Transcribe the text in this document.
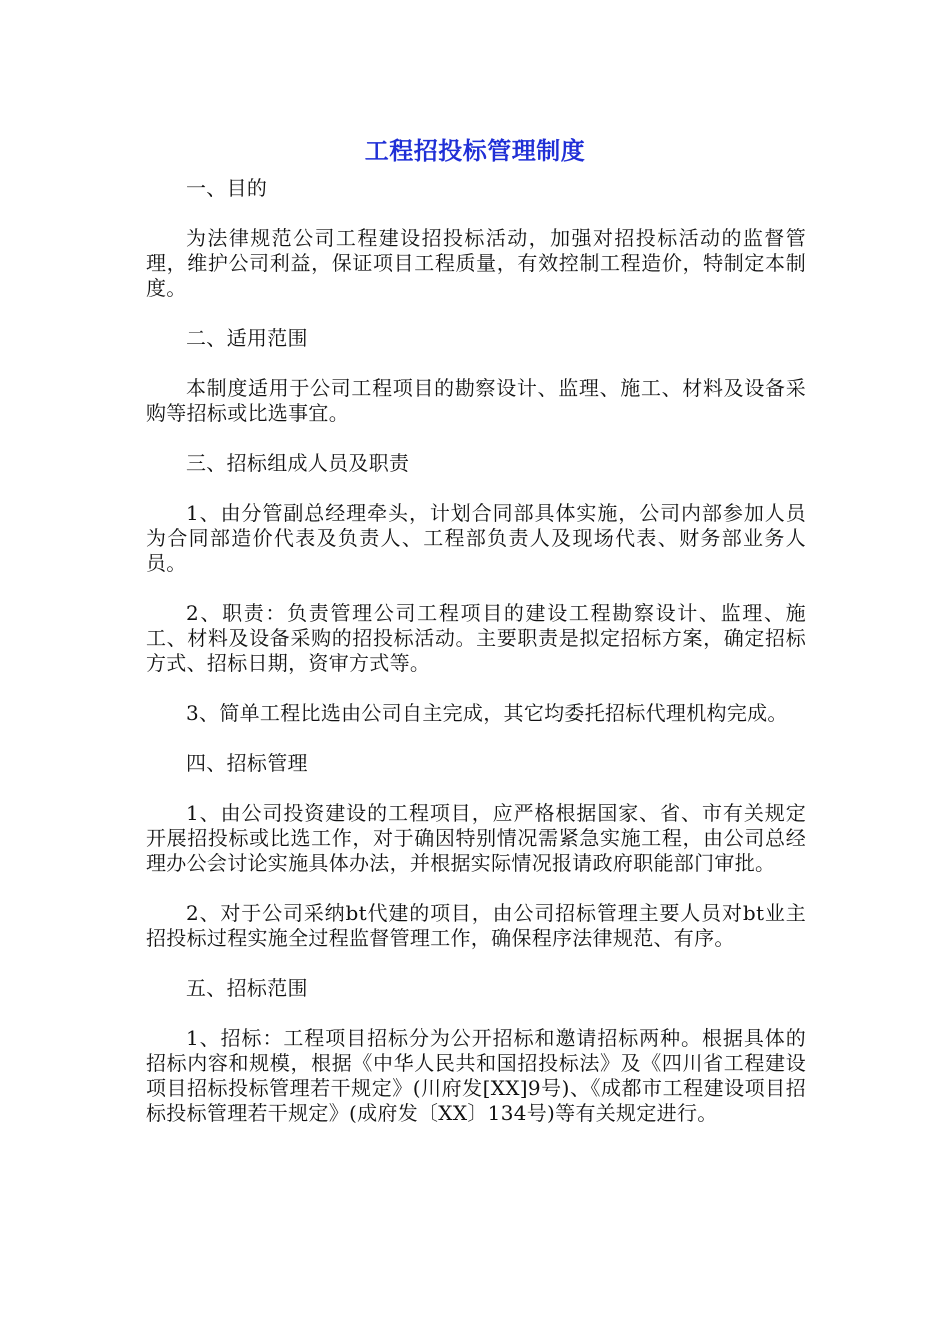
工程招投标管理制度

一、目的

为法律规范公司工程建设招投标活动，加强对招投标活动的监督管理，维护公司利益，保证项目工程质量，有效控制工程造价，特制定本制度。

二、适用范围

本制度适用于公司工程项目的勘察设计、监理、施工、材料及设备采购等招标或比选事宜。

三、招标组成人员及职责

1、由分管副总经理牵头，计划合同部具体实施，公司内部参加人员为合同部造价代表及负责人、工程部负责人及现场代表、财务部业务人员。

2、职责：负责管理公司工程项目的建设工程勘察设计、监理、施工、材料及设备采购的招投标活动。主要职责是拟定招标方案，确定招标方式、招标日期，资审方式等。

3、简单工程比选由公司自主完成，其它均委托招标代理机构完成。

四、招标管理

1、由公司投资建设的工程项目，应严格根据国家、省、市有关规定开展招投标或比选工作，对于确因特别情况需紧急实施工程，由公司总经理办公会讨论实施具体办法，并根据实际情况报请政府职能部门审批。

2、对于公司采纳bt代建的项目，由公司招标管理主要人员对bt业主招投标过程实施全过程监督管理工作，确保程序法律规范、有序。

五、招标范围

1、招标：工程项目招标分为公开招标和邀请招标两种。根据具体的招标内容和规模，根据《中华人民共和国招投标法》及《四川省工程建设项目招标投标管理若干规定》(川府发[XX]9号)、《成都市工程建设项目招标投标管理若干规定》(成府发〔XX〕134号)等有关规定进行。
